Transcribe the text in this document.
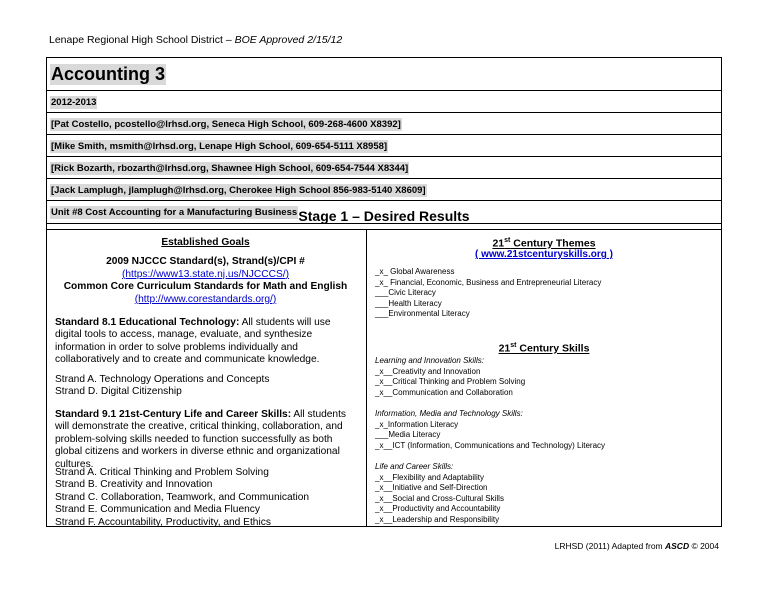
Lenape Regional High School District – BOE Approved 2/15/12
Accounting 3
2012-2013
[Pat Costello, pcostello@lrhsd.org, Seneca High School, 609-268-4600 X8392]
[Mike Smith, msmith@lrhsd.org, Lenape High School, 609-654-5111 X8958]
[Rick Bozarth, rbozarth@lrhsd.org, Shawnee High School, 609-654-7544 X8344]
[Jack Lamplugh, jlamplugh@lrhsd.org, Cherokee High School 856-983-5140 X8609]
Unit #8 Cost Accounting for a Manufacturing Business Stage 1 – Desired Results
Established Goals
2009 NJCCC Standard(s), Strand(s)/CPI #
(https://www13.state.nj.us/NJCCCS/)
Common Core Curriculum Standards for Math and English
(http://www.corestandards.org/)
Standard 8.1 Educational Technology: All students will use digital tools to access, manage, evaluate, and synthesize information in order to solve problems individually and collaboratively and to create and communicate knowledge.
Strand A. Technology Operations and Concepts
Strand D. Digital Citizenship
Standard 9.1 21st-Century Life and Career Skills: All students will demonstrate the creative, critical thinking, collaboration, and problem-solving skills needed to function successfully as both global citizens and workers in diverse ethnic and organizational cultures.
Strand A. Critical Thinking and Problem Solving
Strand B. Creativity and Innovation
Strand C. Collaboration, Teamwork, and Communication
Strand E. Communication and Media Fluency
Strand F. Accountability, Productivity, and Ethics
21st Century Themes
( www.21stcenturyskills.org )
_x_ Global Awareness
_x_ Financial, Economic, Business and Entrepreneurial Literacy
___Civic Literacy
___Health Literacy
___Environmental Literacy
21st Century Skills
Learning and Innovation Skills:
_x__Creativity and Innovation
_x__Critical Thinking and Problem Solving
_x__Communication and Collaboration
Information, Media and Technology Skills:
_x_Information Literacy
___Media Literacy
_x__ICT (Information, Communications and Technology) Literacy
Life and Career Skills:
_x__Flexibility and Adaptability
_x__Initiative and Self-Direction
_x__Social and Cross-Cultural Skills
_x__Productivity and Accountability
_x__Leadership and Responsibility
LRHSD (2011) Adapted from ASCD © 2004
